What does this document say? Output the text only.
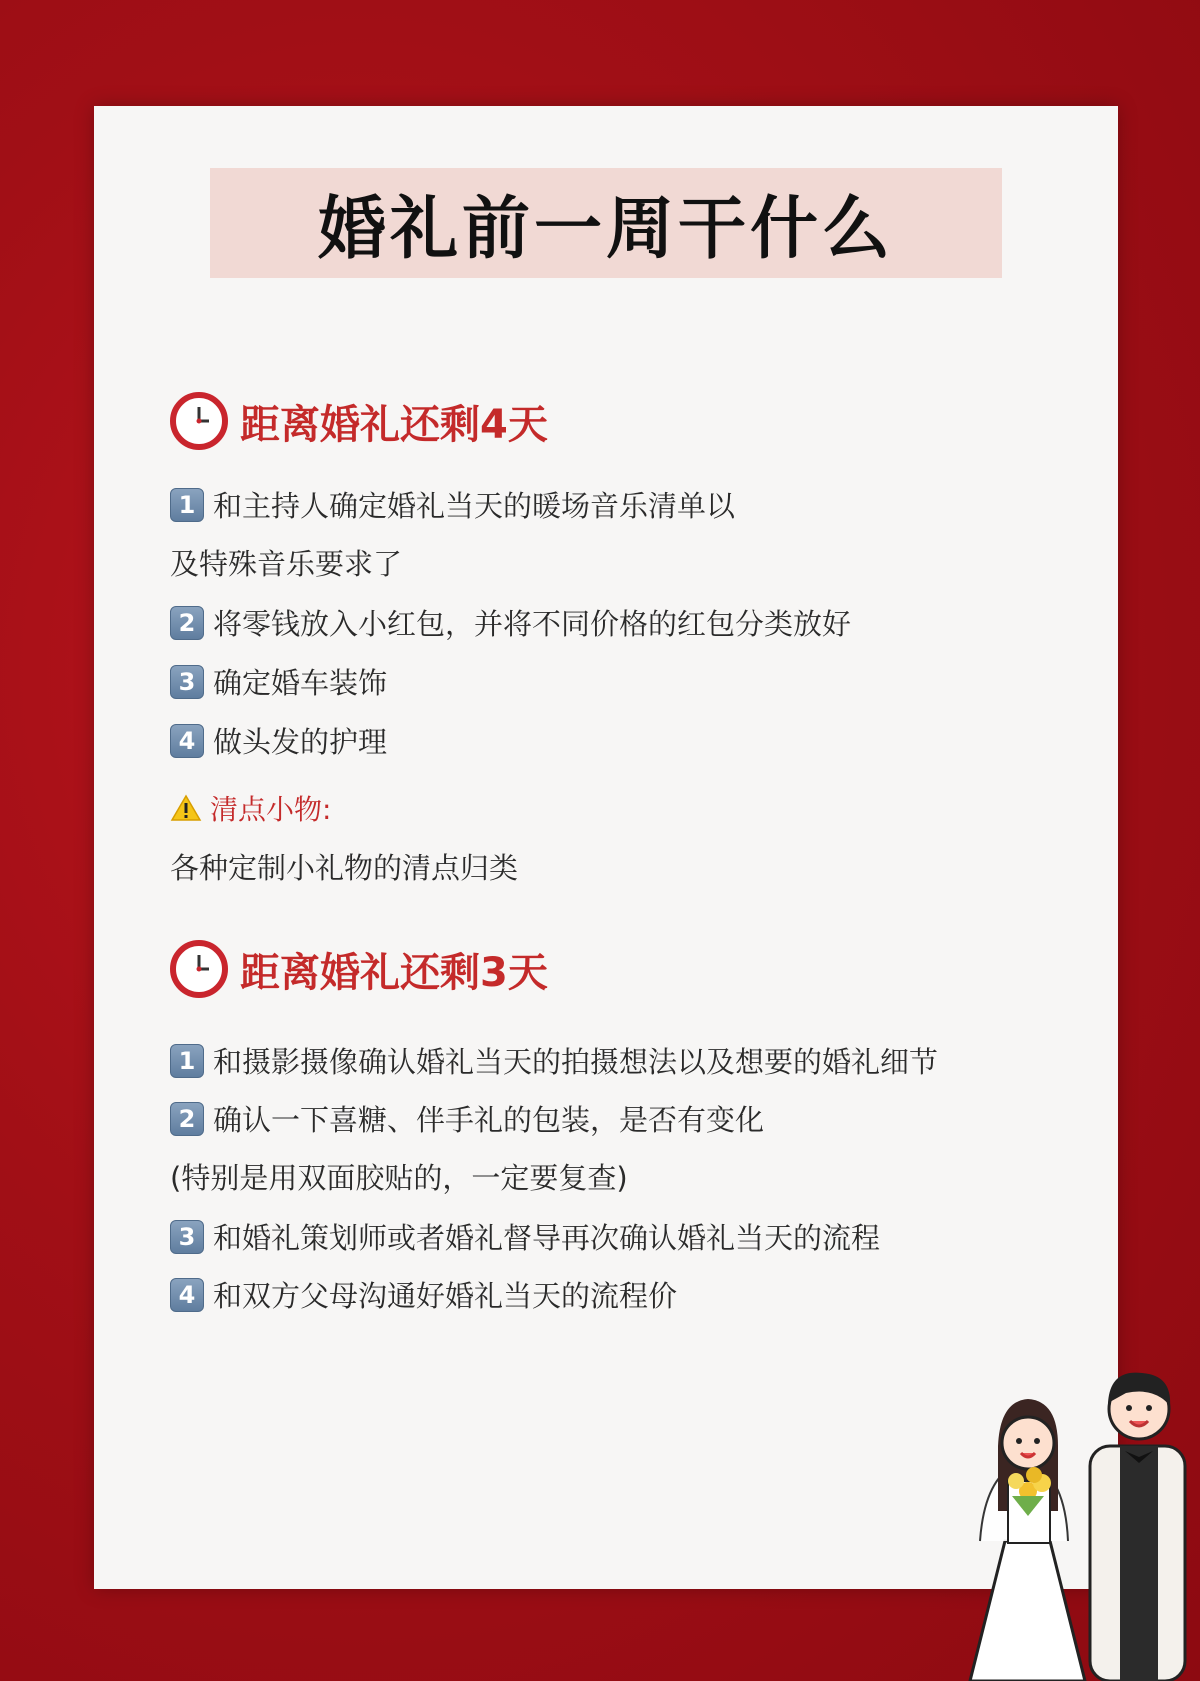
婚礼前一周干什么
距离婚礼还剩4天
1 和主持人确定婚礼当天的暖场音乐清单以
及特殊音乐要求了
2 将零钱放入小红包，并将不同价格的红包分类放好
3 确定婚车装饰
4 做头发的护理
清点小物:
各种定制小礼物的清点归类
距离婚礼还剩3天
1 和摄影摄像确认婚礼当天的拍摄想法以及想要的婚礼细节
2 确认一下喜糖、伴手礼的包装，是否有变化
(特别是用双面胶贴的，一定要复查)
3 和婚礼策划师或者婚礼督导再次确认婚礼当天的流程
4 和双方父母沟通好婚礼当天的流程价
